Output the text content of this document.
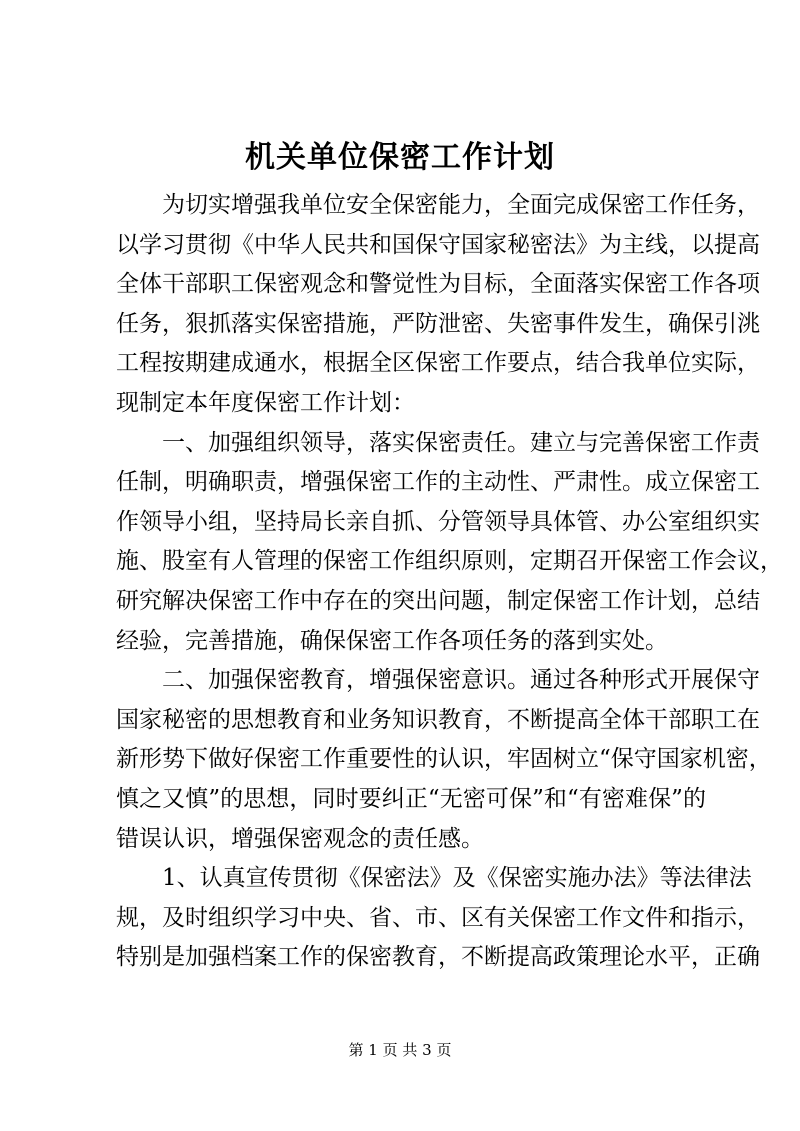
机关单位保密工作计划
为切实增强我单位安全保密能力，全面完成保密工作任务，
以学习贯彻《中华人民共和国保守国家秘密法》为主线，以提高
全体干部职工保密观念和警觉性为目标，全面落实保密工作各项
任务，狠抓落实保密措施，严防泄密、失密事件发生，确保引洮
工程按期建成通水，根据全区保密工作要点，结合我单位实际，
现制定本年度保密工作计划：
一、加强组织领导，落实保密责任。建立与完善保密工作责
任制，明确职责，增强保密工作的主动性、严肃性。成立保密工
作领导小组，坚持局长亲自抓、分管领导具体管、办公室组织实
施、股室有人管理的保密工作组织原则，定期召开保密工作会议，
研究解决保密工作中存在的突出问题，制定保密工作计划，总结
经验，完善措施，确保保密工作各项任务的落到实处。
二、加强保密教育，增强保密意识。通过各种形式开展保守
国家秘密的思想教育和业务知识教育，不断提高全体干部职工在
新形势下做好保密工作重要性的认识，牢固树立“保守国家机密，
慎之又慎”的思想，同时要纠正“无密可保”和“有密难保”的
错误认识，增强保密观念的责任感。
1、认真宣传贯彻《保密法》及《保密实施办法》等法律法
规，及时组织学习中央、省、市、区有关保密工作文件和指示，
特别是加强档案工作的保密教育，不断提高政策理论水平，正确
第 1 页 共 3 页
